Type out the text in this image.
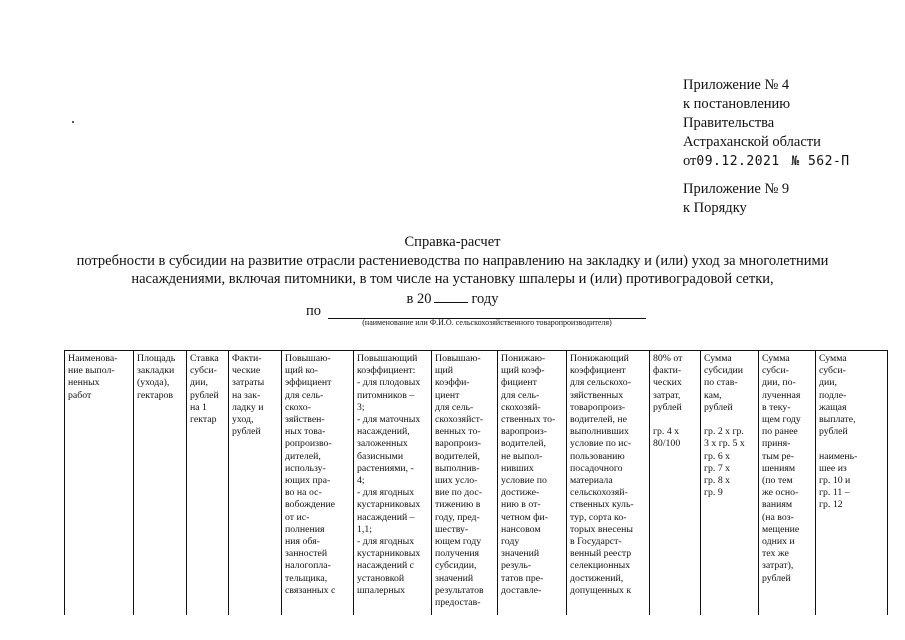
Приложение № 4
к постановлению
Правительства
Астраханской области
от09.12.2021 № 562-П
Приложение № 9
к Порядку
Справка-расчет
потребности в субсидии на развитие отрасли растениеводства по направлению на закладку и (или) уход за многолетними
насаждениями, включая питомники, в том числе на установку шпалеры и (или) противоградовой сетки,
в 20	году
по
(наименование или Ф.И.О. сельскохозяйственного товаропроизводителя)
Наименова-
ние выпол-
ненных
работ	Площадь
закладки
(ухода),
гектаров	Ставка
субси-
дии,
рублей
на 1
гектар	Факти-
ческие
затраты
на зак-
ладку и
уход,
рублей	Повышаю-
щий ко-
эффициент
для сель-
скохо-
зяйствен-
ных това-
ропроизво-
дителей,
использу-
ющих пра-
во на ос-
вобождение
от ис-
полнения
ния обя-
занностей
налогопла-
тельщика,
связанных с	Повышающий
коэффициент:
- для плодовых
питомников –
3;
- для маточных
насаждений,
заложенных
базисными
растениями, -
4;
- для ягодных
кустарниковых
насаждений –
1,1;
- для ягодных
кустарниковых
насаждений с
установкой
шпалерных	Повышаю-
щий
коэффи-
циент
для сель-
скохозяйст-
венных то-
варопроиз-
водителей,
выполнив-
ших усло-
вие по дос-
тижению в
году, пред-
шеству-
ющем году
получения
субсидии,
значений
результатов
предостав-	Понижаю-
щий коэф-
фициент
для сель-
скохозяй-
ственных то-
варопроиз-
водителей,
не выпол-
нивших
условие по
достиже-
нию в от-
четном фи-
нансовом
году
значений
резуль-
татов пре-
доставле-	Понижающий
коэффициент
для сельскохо-
зяйственных
товаропроиз-
водителей, не
выполнивших
условие по ис-
пользованию
посадочного
материала
сельскохозяй-
ственных куль-
тур, сорта ко-
торых внесены
в Государст-
венный реестр
селекционных
достижений,
допущенных к	80% от
факти-
ческих
затрат,
рублей

гр. 4 х
80/100	Сумма
субсидии
по став-
кам,
рублей

гр. 2 х гр.
3 х гр. 5 х
гр. 6 х
гр. 7 х
гр. 8 х
гр. 9	Сумма
субси-
дии, по-
лученная
в теку-
щем году
по ранее
приня-
тым ре-
шениям
(по тем
же осно-
ваниям
(на воз-
мещение
одних и
тех же
затрат),
рублей	Сумма
субси-
дии,
подле-
жащая
выплате,
рублей

наимень-
шее из
гр. 10 и
гр. 11 –
гр. 12
